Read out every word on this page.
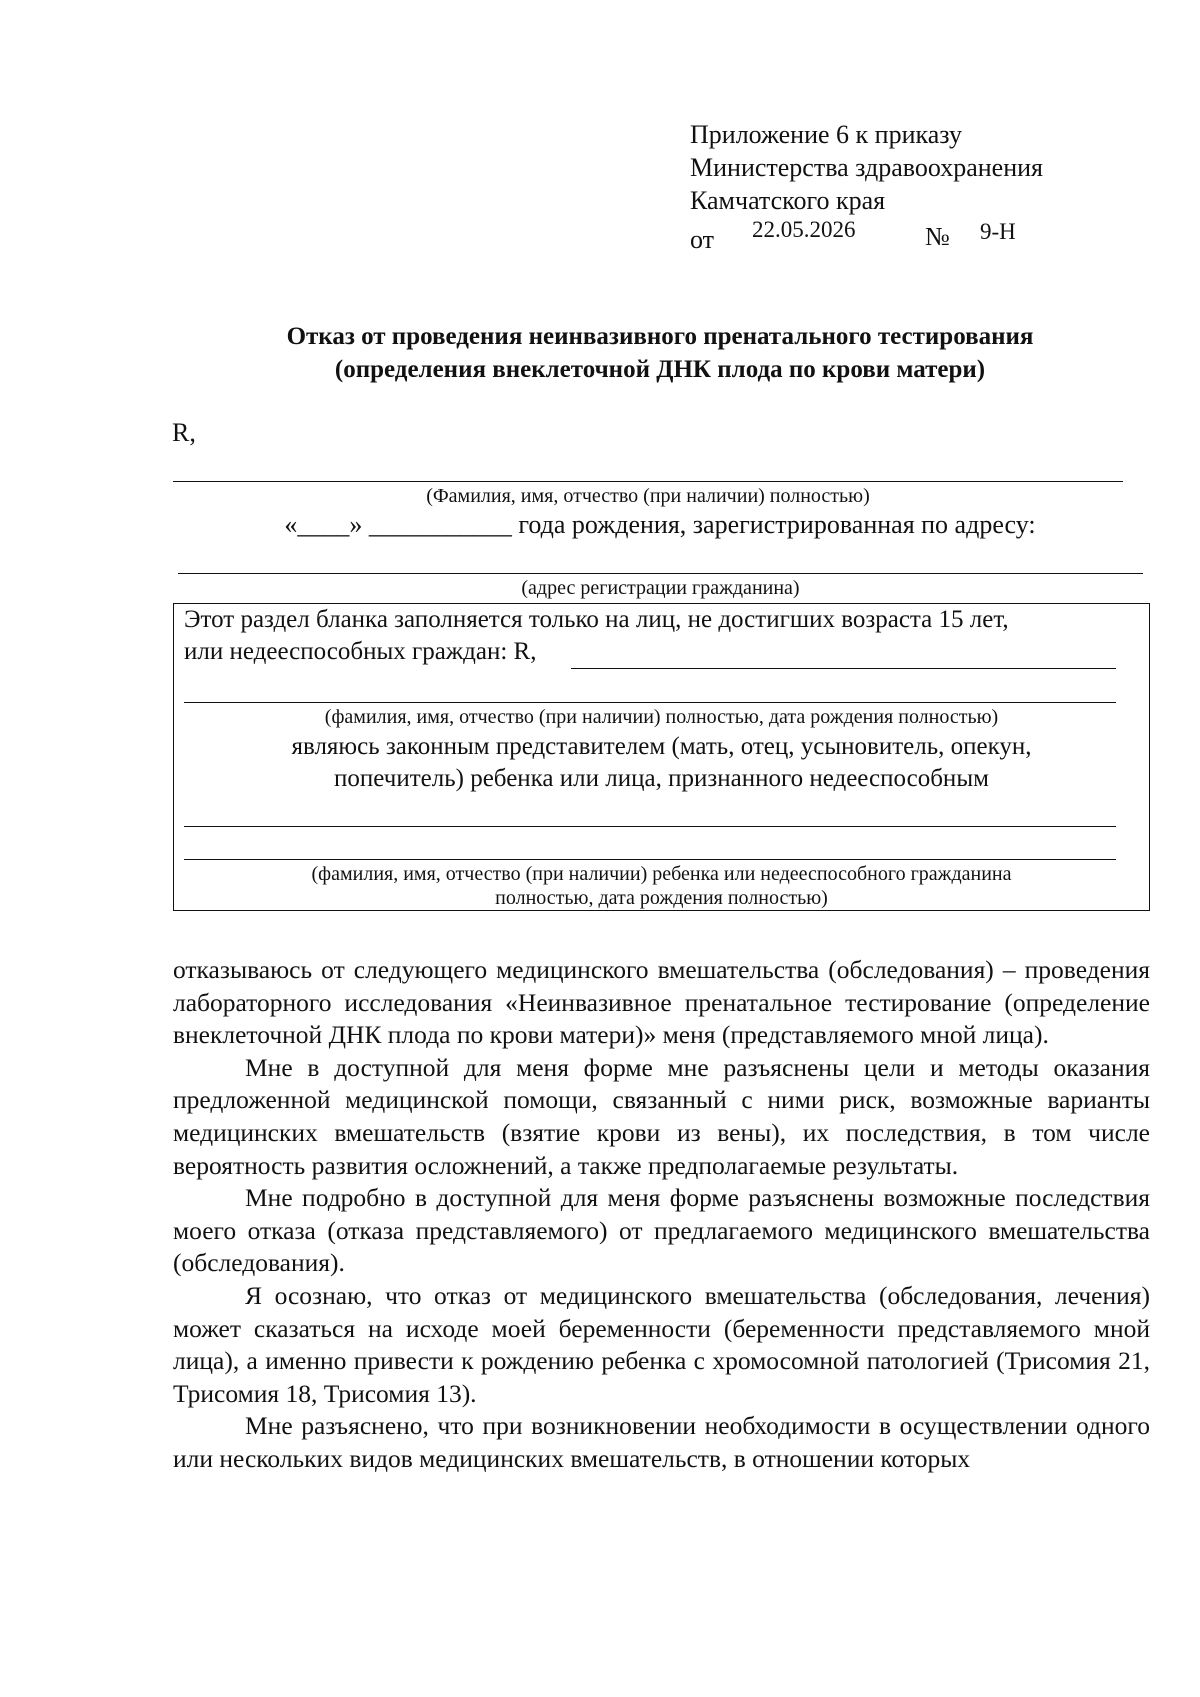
Приложение 6 к приказу
Министерства здравоохранения
Камчатского края
от 22.05.2026	№ 9-Н
Отказ от проведения неинвазивного пренатального тестирования
(определения внеклеточной ДНК плода по крови матери)
R,
(Фамилия, имя, отчество (при наличии) полностью)
«____» ___________ года рождения, зарегистрированная по адресу:
(адрес регистрации гражданина)
Этот раздел бланка заполняется только на лиц, не достигших возраста 15 лет,
или недееспособных граждан: R,
(фамилия, имя, отчество (при наличии) полностью, дата рождения полностью)
являюсь законным представителем (мать, отец, усыновитель, опекун,
попечитель) ребенка или лица, признанного недееспособным
(фамилия, имя, отчество (при наличии) ребенка или недееспособного гражданина
полностью, дата рождения полностью)

отказываюсь от следующего медицинского вмешательства (обследования) – проведения лабораторного исследования «Неинвазивное пренатальное тестирование (определение внеклеточной ДНК плода по крови матери)» меня (представляемого мной лица).

Мне в доступной для меня форме мне разъяснены цели и методы оказания предложенной медицинской помощи, связанный с ними риск, возможные варианты медицинских вмешательств (взятие крови из вены), их последствия, в том числе вероятность развития осложнений, а также предполагаемые результаты.

Мне подробно в доступной для меня форме разъяснены возможные последствия моего отказа (отказа представляемого) от предлагаемого медицинского вмешательства (обследования).

Я осознаю, что отказ от медицинского вмешательства (обследования, лечения) может сказаться на исходе моей беременности (беременности представляемого мной лица), а именно привести к рождению ребенка с хромосомной патологией (Трисомия 21, Трисомия 18, Трисомия 13).

Мне разъяснено, что при возникновении необходимости в осуществлении одного или нескольких видов медицинских вмешательств, в отношении которых
